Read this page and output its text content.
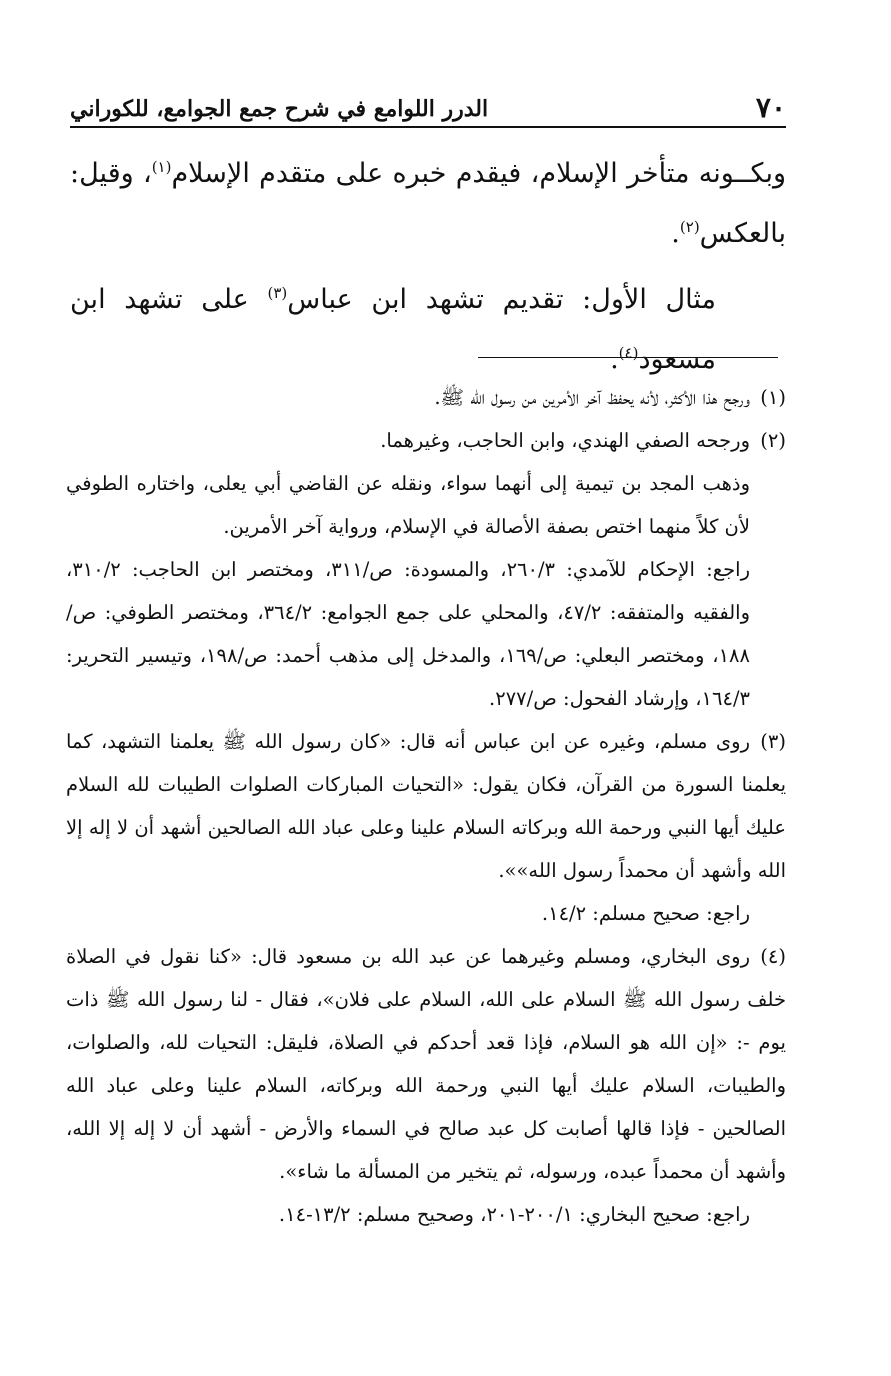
٧٠
الدرر اللوامع في شرح جمع الجوامع، للكوراني

وبكــونه متأخر الإسلام، فيقدم خبره على متقدم الإسلام$^{(١)}$، وقيل: بالعكس$^{(٢)}$.

مثال الأول: تقديم تشهد ابن عباس$^{(٣)}$ على تشهد ابن مسعود$^{(٤)}$.

(١)ورجح هذا الأكثر، لأنه يحفظ آخر الأمرين من رسول الله ﷺ.
(٢)ورجحه الصفي الهندي، وابن الحاجب، وغيرهما.
وذهب المجد بن تيمية إلى أنهما سواء، ونقله عن القاضي أبي يعلى، واختاره الطوفي لأن كلاً منهما اختص بصفة الأصالة في الإسلام، ورواية آخر الأمرين.
راجع: الإحكام للآمدي: ٢٦٠/٣، والمسودة: ص/٣١١، ومختصر ابن الحاجب: ٣١٠/٢، والفقيه والمتفقه: ٤٧/٢، والمحلي على جمع الجوامع: ٣٦٤/٢، ومختصر الطوفي: ص/١٨٨، ومختصر البعلي: ص/١٦٩، والمدخل إلى مذهب أحمد: ص/١٩٨، وتيسير التحرير: ١٦٤/٣، وإرشاد الفحول: ص/٢٧٧.
(٣)روى مسلم، وغيره عن ابن عباس أنه قال: «كان رسول الله ﷺ يعلمنا التشهد، كما يعلمنا السورة من القرآن، فكان يقول: «التحيات المباركات الصلوات الطيبات لله السلام عليك أيها النبي ورحمة الله وبركاته السلام علينا وعلى عباد الله الصالحين أشهد أن لا إله إلا الله وأشهد أن محمداً رسول الله»».
راجع: صحيح مسلم: ١٤/٢.
(٤)روى البخاري، ومسلم وغيرهما عن عبد الله بن مسعود قال: «كنا نقول في الصلاة خلف رسول الله ﷺ السلام على الله، السلام على فلان»، فقال - لنا رسول الله ﷺ ذات يوم -: «إن الله هو السلام، فإذا قعد أحدكم في الصلاة، فليقل: التحيات لله، والصلوات، والطيبات، السلام عليك أيها النبي ورحمة الله وبركاته، السلام علينا وعلى عباد الله الصالحين - فإذا قالها أصابت كل عبد صالح في السماء والأرض - أشهد أن لا إله إلا الله، وأشهد أن محمداً عبده، ورسوله، ثم يتخير من المسألة ما شاء».
راجع: صحيح البخاري: ٢٠٠/١-٢٠١، وصحيح مسلم: ١٣/٢-١٤.
